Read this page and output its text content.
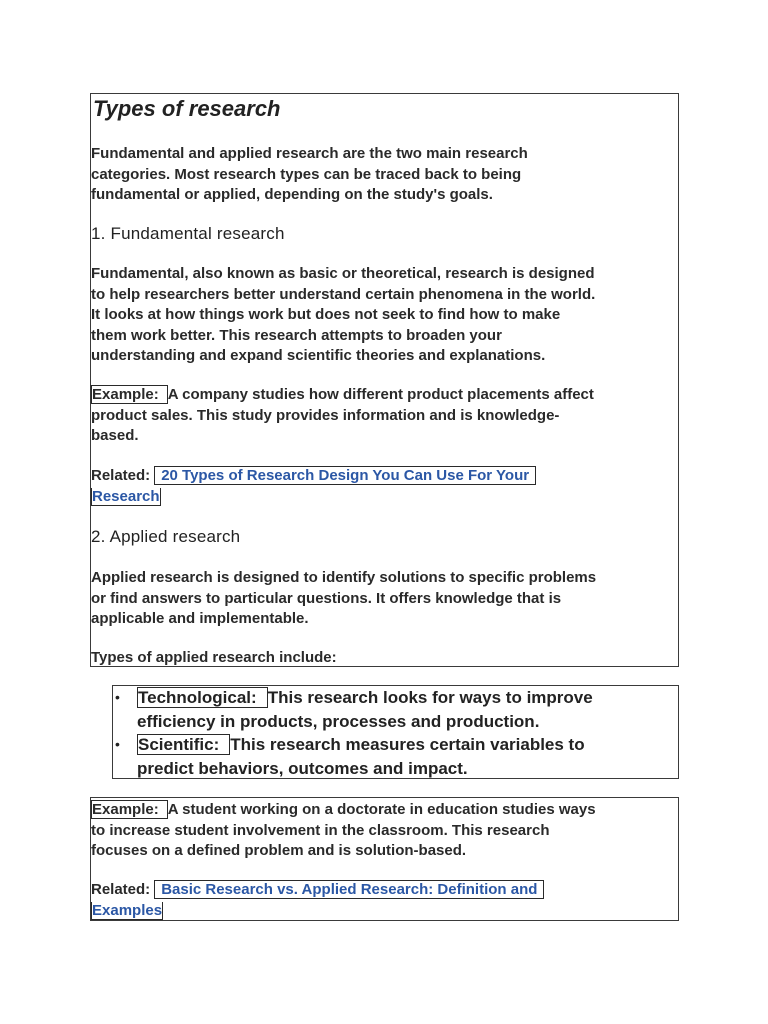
Types of research

Fundamental and applied research are the two main research
categories. Most research types can be traced back to being
fundamental or applied, depending on the study's goals.

1. Fundamental research

Fundamental, also known as basic or theoretical, research is designed
to help researchers better understand certain phenomena in the world.
It looks at how things work but does not seek to find how to make
them work better. This research attempts to broaden your
understanding and expand scientific theories and explanations.

Example: A company studies how different product placements affect
product sales. This study provides information and is knowledge-
based.

Related: 20 Types of Research Design You Can Use For Your
Research

2. Applied research

Applied research is designed to identify solutions to specific problems
or find answers to particular questions. It offers knowledge that is
applicable and implementable.

Types of applied research include:

• Technological: This research looks for ways to improve
efficiency in products, processes and production.
• Scientific: This research measures certain variables to
predict behaviors, outcomes and impact.

Example: A student working on a doctorate in education studies ways
to increase student involvement in the classroom. This research
focuses on a defined problem and is solution-based.

Related: Basic Research vs. Applied Research: Definition and
Examples
